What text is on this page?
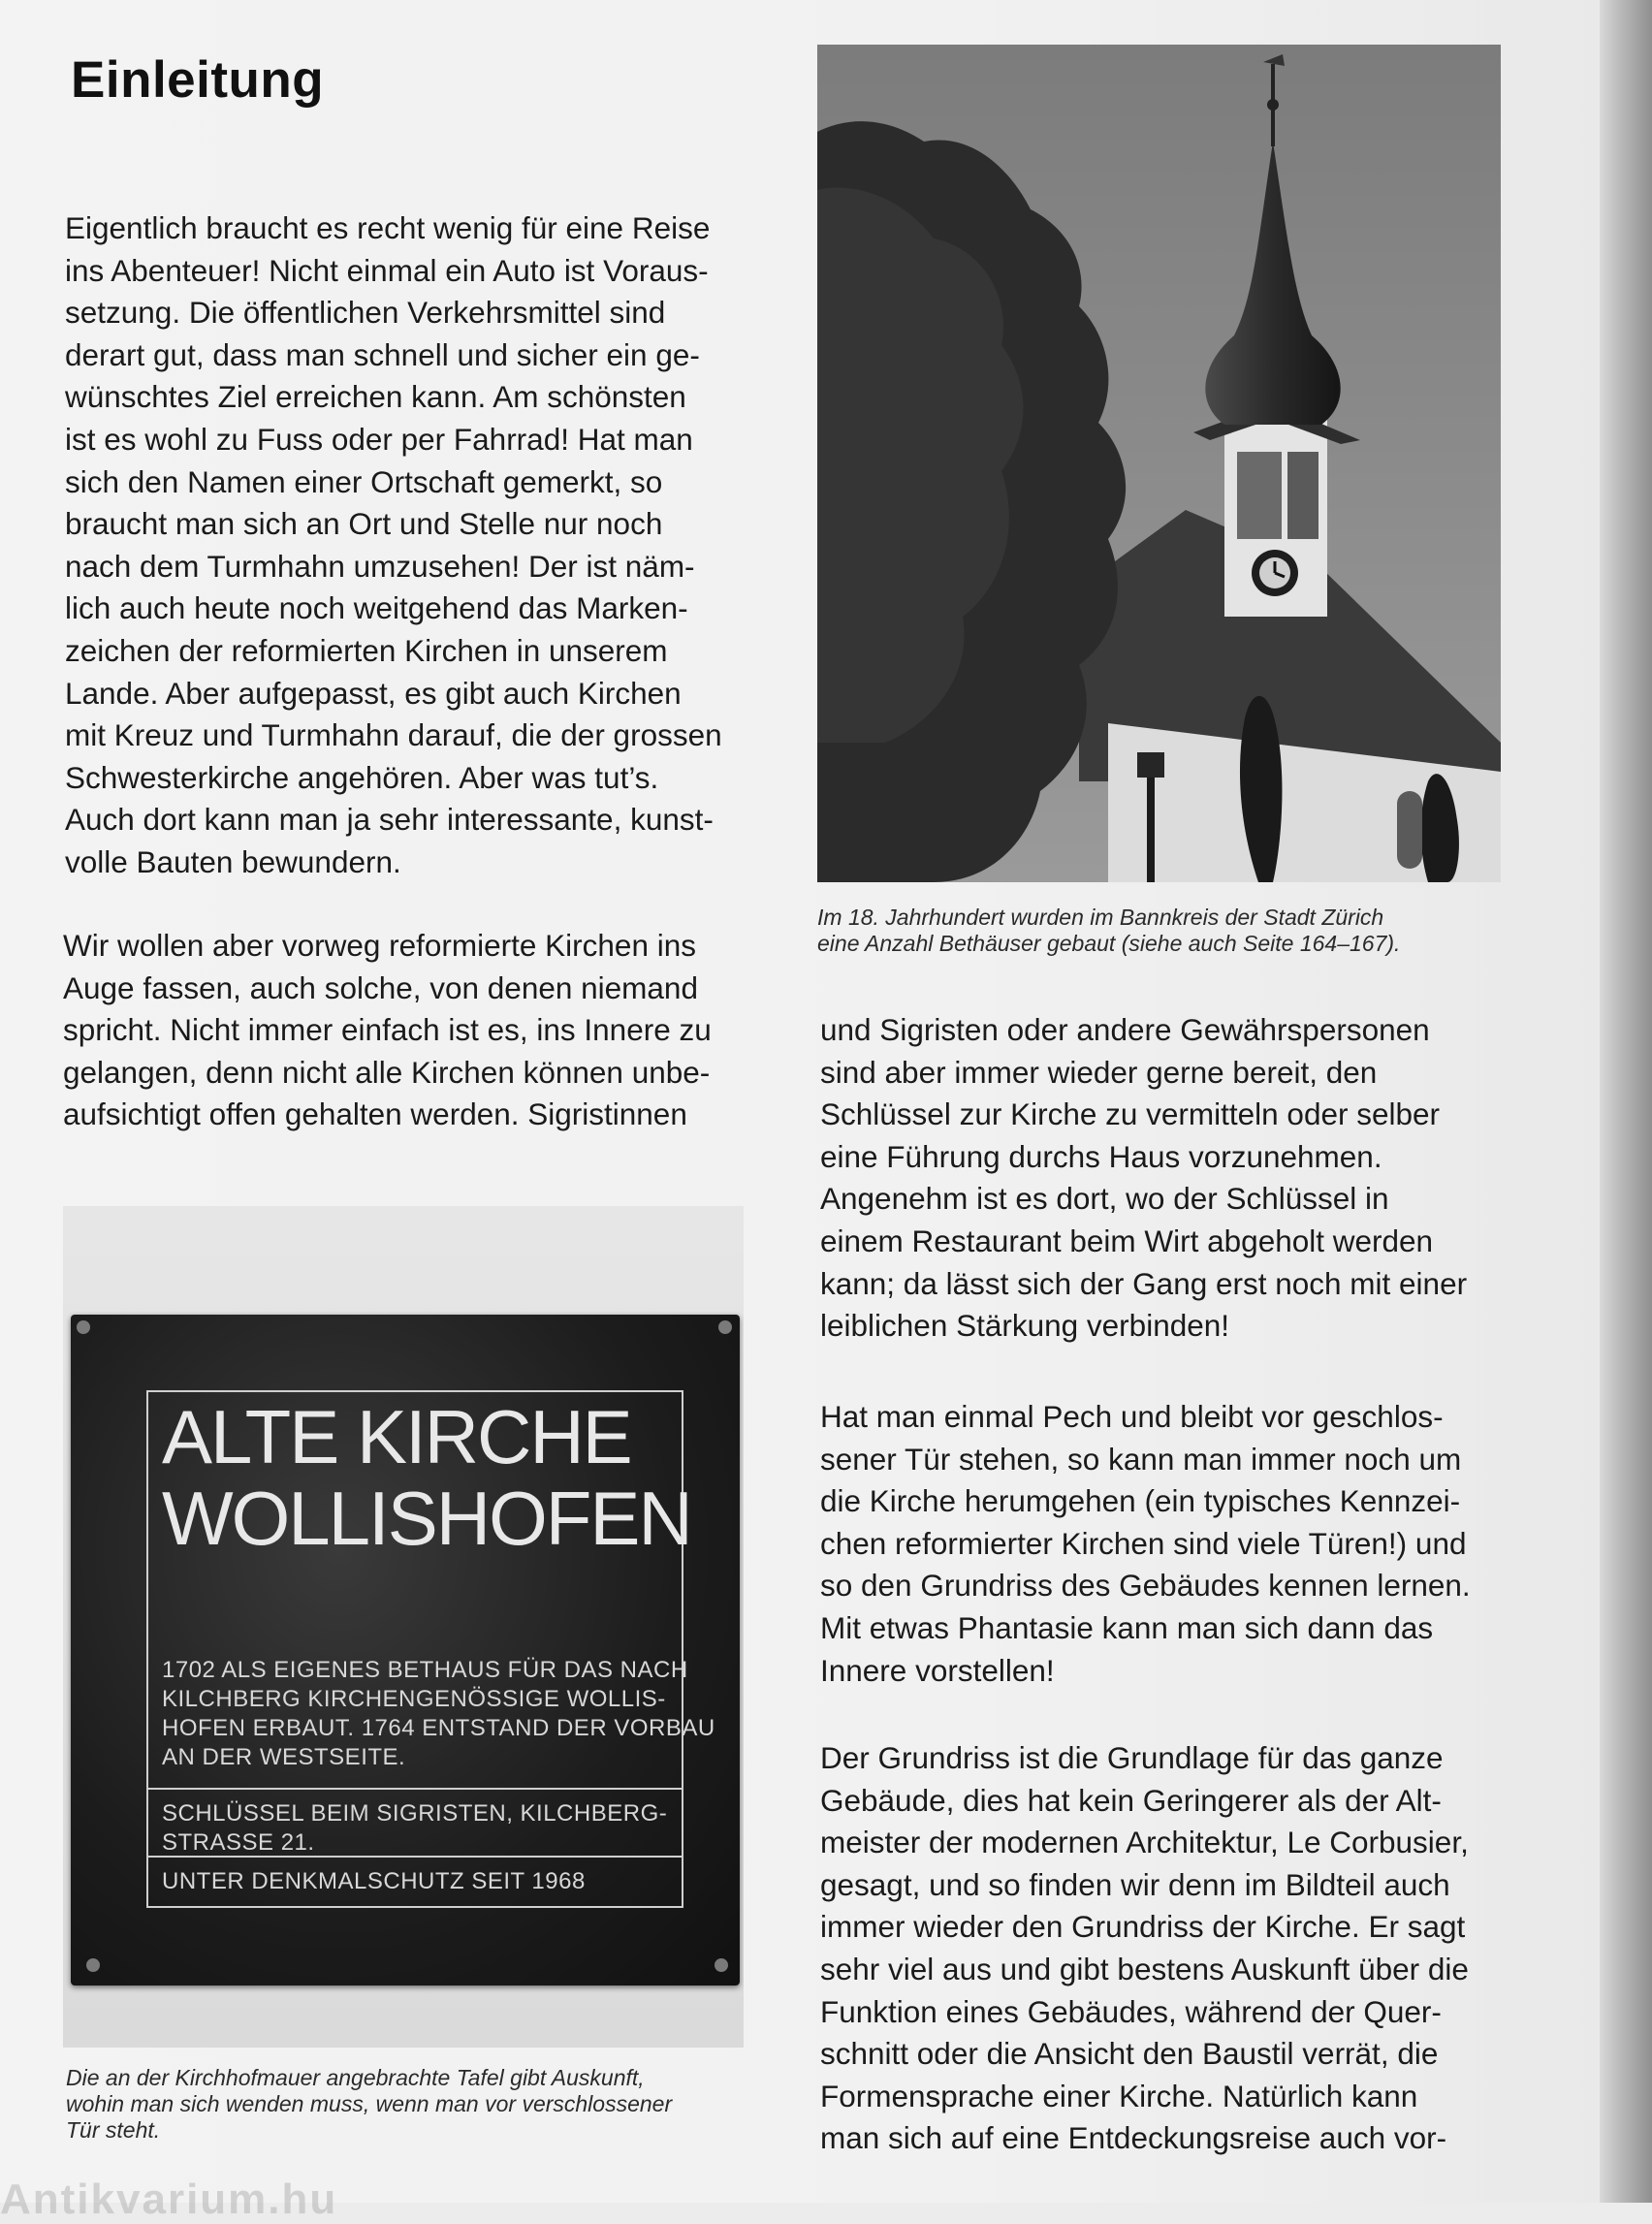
Einleitung

Eigentlich braucht es recht wenig für eine Reise
ins Abenteuer! Nicht einmal ein Auto ist Voraus-
setzung. Die öffentlichen Verkehrsmittel sind
derart gut, dass man schnell und sicher ein ge-
wünschtes Ziel erreichen kann. Am schönsten
ist es wohl zu Fuss oder per Fahrrad! Hat man
sich den Namen einer Ortschaft gemerkt, so
braucht man sich an Ort und Stelle nur noch
nach dem Turmhahn umzusehen! Der ist näm-
lich auch heute noch weitgehend das Marken-
zeichen der reformierten Kirchen in unserem
Lande. Aber aufgepasst, es gibt auch Kirchen
mit Kreuz und Turmhahn darauf, die der grossen
Schwesterkirche angehören. Aber was tut’s.
Auch dort kann man ja sehr interessante, kunst-
volle Bauten bewundern.

Wir wollen aber vorweg reformierte Kirchen ins
Auge fassen, auch solche, von denen niemand
spricht. Nicht immer einfach ist es, ins Innere zu
gelangen, denn nicht alle Kirchen können unbe-
aufsichtigt offen gehalten werden. Sigristinnen

Im 18. Jahrhundert wurden im Bannkreis der Stadt Zürich
eine Anzahl Bethäuser gebaut (siehe auch Seite 164–167).

und Sigristen oder andere Gewährspersonen
sind aber immer wieder gerne bereit, den
Schlüssel zur Kirche zu vermitteln oder selber
eine Führung durchs Haus vorzunehmen.
Angenehm ist es dort, wo der Schlüssel in
einem Restaurant beim Wirt abgeholt werden
kann; da lässt sich der Gang erst noch mit einer
leiblichen Stärkung verbinden!

Hat man einmal Pech und bleibt vor geschlos-
sener Tür stehen, so kann man immer noch um
die Kirche herumgehen (ein typisches Kennzei-
chen reformierter Kirchen sind viele Türen!) und
so den Grundriss des Gebäudes kennen lernen.
Mit etwas Phantasie kann man sich dann das
Innere vorstellen!

Der Grundriss ist die Grundlage für das ganze
Gebäude, dies hat kein Geringerer als der Alt-
meister der modernen Architektur, Le Corbusier,
gesagt, und so finden wir denn im Bildteil auch
immer wieder den Grundriss der Kirche. Er sagt
sehr viel aus und gibt bestens Auskunft über die
Funktion eines Gebäudes, während der Quer-
schnitt oder die Ansicht den Baustil verrät, die
Formensprache einer Kirche. Natürlich kann
man sich auf eine Entdeckungsreise auch vor-

ALTE KIRCHE
WOLLISHOFEN

1702 ALS EIGENES BETHAUS FÜR DAS NACH
KILCHBERG KIRCHENGENÖSSIGE WOLLIS-
HOFEN ERBAUT. 1764 ENTSTAND DER VORBAU
AN DER WESTSEITE.

SCHLÜSSEL BEIM SIGRISTEN, KILCHBERG-
STRASSE 21.

UNTER DENKMALSCHUTZ SEIT 1968

Die an der Kirchhofmauer angebrachte Tafel gibt Auskunft,
wohin man sich wenden muss, wenn man vor verschlossener
Tür steht.

Antikvarium.hu
